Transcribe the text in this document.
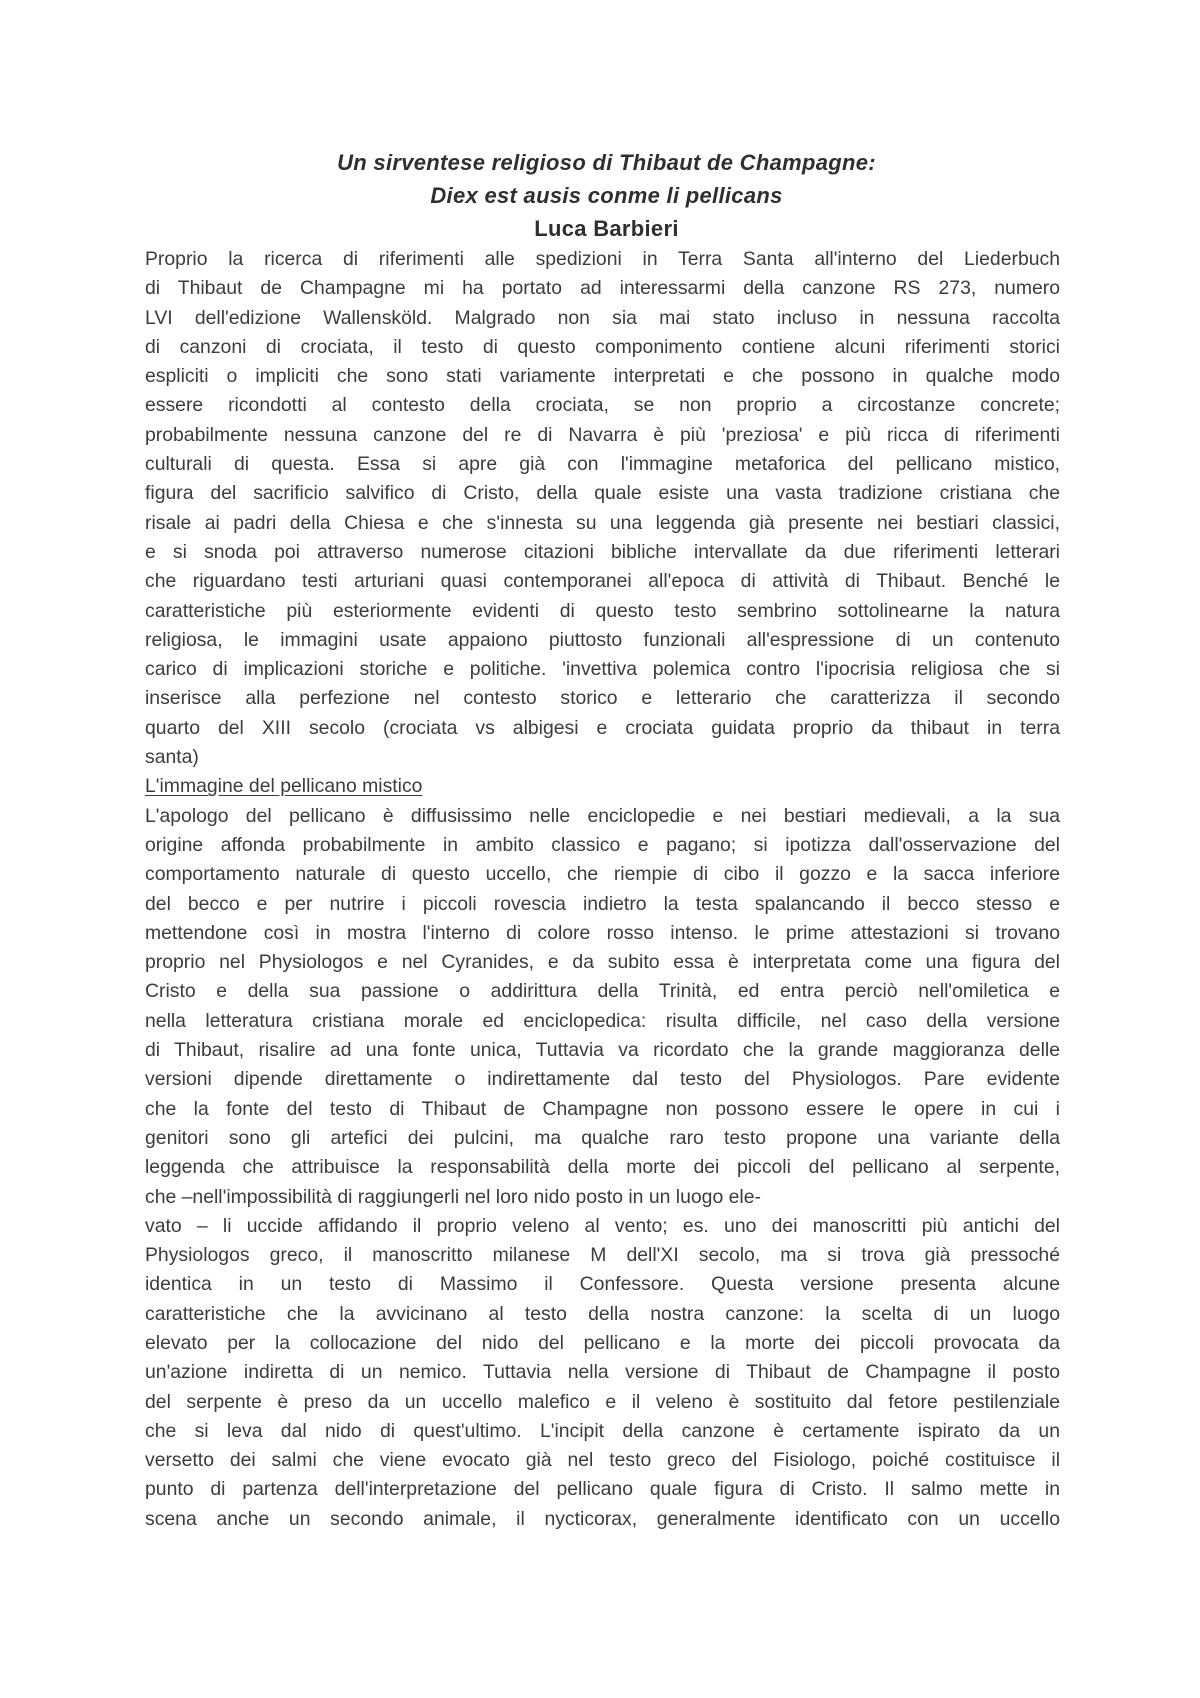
Un sirventese religioso di Thibaut de Champagne:
Diex est ausis conme li pellicans
Luca Barbieri
Proprio la ricerca di riferimenti alle spedizioni in Terra Santa all'interno del Liederbuch
di Thibaut de Champagne mi ha portato ad interessarmi della canzone RS 273, numero
LVI dell'edizione Wallensköld. Malgrado non sia mai stato incluso in nessuna raccolta
di canzoni di crociata, il testo di questo componimento contiene alcuni riferimenti storici
espliciti o impliciti che sono stati variamente interpretati e che possono in qualche modo
essere ricondotti al contesto della crociata, se non proprio a circostanze concrete;
probabilmente nessuna canzone del re di Navarra è più 'preziosa' e più ricca di riferimenti
culturali di questa. Essa si apre già con l'immagine metaforica del pellicano mistico,
figura del sacrificio salvifico di Cristo, della quale esiste una vasta tradizione cristiana che
risale ai padri della Chiesa e che s'innesta su una leggenda già presente nei bestiari classici,
e si snoda poi attraverso numerose citazioni bibliche intervallate da due riferimenti letterari
che riguardano testi arturiani quasi contemporanei all'epoca di attività di Thibaut. Benché le
caratteristiche più esteriormente evidenti di questo testo sembrino sottolinearne la natura
religiosa, le immagini usate appaiono piuttosto funzionali all'espressione di un contenuto
carico di implicazioni storiche e politiche. 'invettiva polemica contro l'ipocrisia religiosa che si
inserisce alla perfezione nel contesto storico e letterario che caratterizza il secondo
quarto del XIII secolo (crociata vs albigesi e crociata guidata proprio da thibaut in terra
santa)
L'immagine del pellicano mistico
L'apologo del pellicano è diffusissimo nelle enciclopedie e nei bestiari medievali, a la sua
origine affonda probabilmente in ambito classico e pagano; si ipotizza dall'osservazione del
comportamento naturale di questo uccello, che riempie di cibo il gozzo e la sacca inferiore
del becco e per nutrire i piccoli rovescia indietro la testa spalancando il becco stesso e
mettendone così in mostra l'interno di colore rosso intenso. le prime attestazioni si trovano
proprio nel Physiologos e nel Cyranides, e da subito essa è interpretata come una figura del
Cristo e della sua passione o addirittura della Trinità, ed entra perciò nell'omiletica e
nella letteratura cristiana morale ed enciclopedica: risulta difficile, nel caso della versione
di Thibaut, risalire ad una fonte unica, Tuttavia va ricordato che la grande maggioranza delle
versioni dipende direttamente o indirettamente dal testo del Physiologos. Pare evidente
che la fonte del testo di Thibaut de Champagne non possono essere le opere in cui i
genitori sono gli artefici dei pulcini, ma qualche raro testo propone una variante della
leggenda che attribuisce la responsabilità della morte dei piccoli del pellicano al serpente,
che –nell'impossibilità di raggiungerli nel loro nido posto in un luogo ele-
vato – li uccide affidando il proprio veleno al vento; es. uno dei manoscritti più antichi del
Physiologos greco, il manoscritto milanese M dell'XI secolo, ma si trova già pressoché
identica in un testo di Massimo il Confessore. Questa versione presenta alcune
caratteristiche che la avvicinano al testo della nostra canzone: la scelta di un luogo
elevato per la collocazione del nido del pellicano e la morte dei piccoli provocata da
un'azione indiretta di un nemico. Tuttavia nella versione di Thibaut de Champagne il posto
del serpente è preso da un uccello malefico e il veleno è sostituito dal fetore pestilenziale
che si leva dal nido di quest'ultimo. L'incipit della canzone è certamente ispirato da un
versetto dei salmi che viene evocato già nel testo greco del Fisiologo, poiché costituisce il
punto di partenza dell'interpretazione del pellicano quale figura di Cristo. Il salmo mette in
scena anche un secondo animale, il nycticorax, generalmente identificato con un uccello
